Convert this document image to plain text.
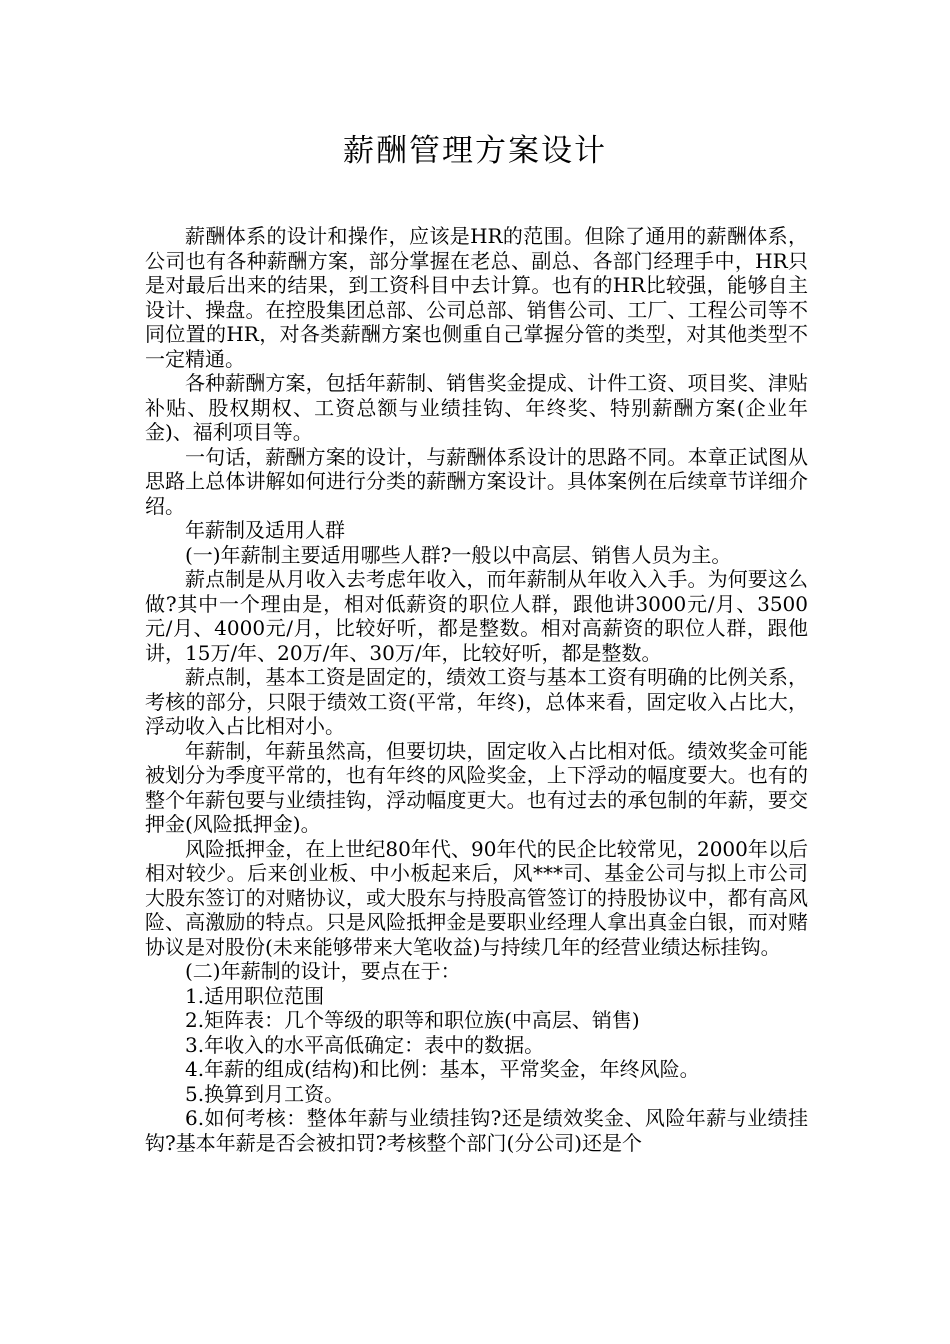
薪酬管理方案设计

薪酬体系的设计和操作，应该是HR的范围。但除了通用的薪酬体系，公司也有各种薪酬方案，部分掌握在老总、副总、各部门经理手中，HR只是对最后出来的结果，到工资科目中去计算。也有的HR比较强，能够自主设计、操盘。在控股集团总部、公司总部、销售公司、工厂、工程公司等不同位置的HR，对各类薪酬方案也侧重自己掌握分管的类型，对其他类型不一定精通。

各种薪酬方案，包括年薪制、销售奖金提成、计件工资、项目奖、津贴补贴、股权期权、工资总额与业绩挂钩、年终奖、特别薪酬方案(企业年金)、福利项目等。

一句话，薪酬方案的设计，与薪酬体系设计的思路不同。本章正试图从思路上总体讲解如何进行分类的薪酬方案设计。具体案例在后续章节详细介绍。

年薪制及适用人群

(一)年薪制主要适用哪些人群?一般以中高层、销售人员为主。

薪点制是从月收入去考虑年收入，而年薪制从年收入入手。为何要这么做?其中一个理由是，相对低薪资的职位人群，跟他讲3000元/月、3500元/月、4000元/月，比较好听，都是整数。相对高薪资的职位人群，跟他讲，15万/年、20万/年、30万/年，比较好听，都是整数。

薪点制，基本工资是固定的，绩效工资与基本工资有明确的比例关系，考核的部分，只限于绩效工资(平常，年终)，总体来看，固定收入占比大，浮动收入占比相对小。

年薪制，年薪虽然高，但要切块，固定收入占比相对低。绩效奖金可能被划分为季度平常的，也有年终的风险奖金，上下浮动的幅度要大。也有的整个年薪包要与业绩挂钩，浮动幅度更大。也有过去的承包制的年薪，要交押金(风险抵押金)。

风险抵押金，在上世纪80年代、90年代的民企比较常见，2000年以后相对较少。后来创业板、中小板起来后，风***司、基金公司与拟上市公司大股东签订的对赌协议，或大股东与持股高管签订的持股协议中，都有高风险、高激励的特点。只是风险抵押金是要职业经理人拿出真金白银，而对赌协议是对股份(未来能够带来大笔收益)与持续几年的经营业绩达标挂钩。

(二)年薪制的设计，要点在于：

1.适用职位范围

2.矩阵表：几个等级的职等和职位族(中高层、销售)

3.年收入的水平高低确定：表中的数据。

4.年薪的组成(结构)和比例：基本，平常奖金，年终风险。

5.换算到月工资。

6.如何考核：整体年薪与业绩挂钩?还是绩效奖金、风险年薪与业绩挂钩?基本年薪是否会被扣罚?考核整个部门(分公司)还是个
